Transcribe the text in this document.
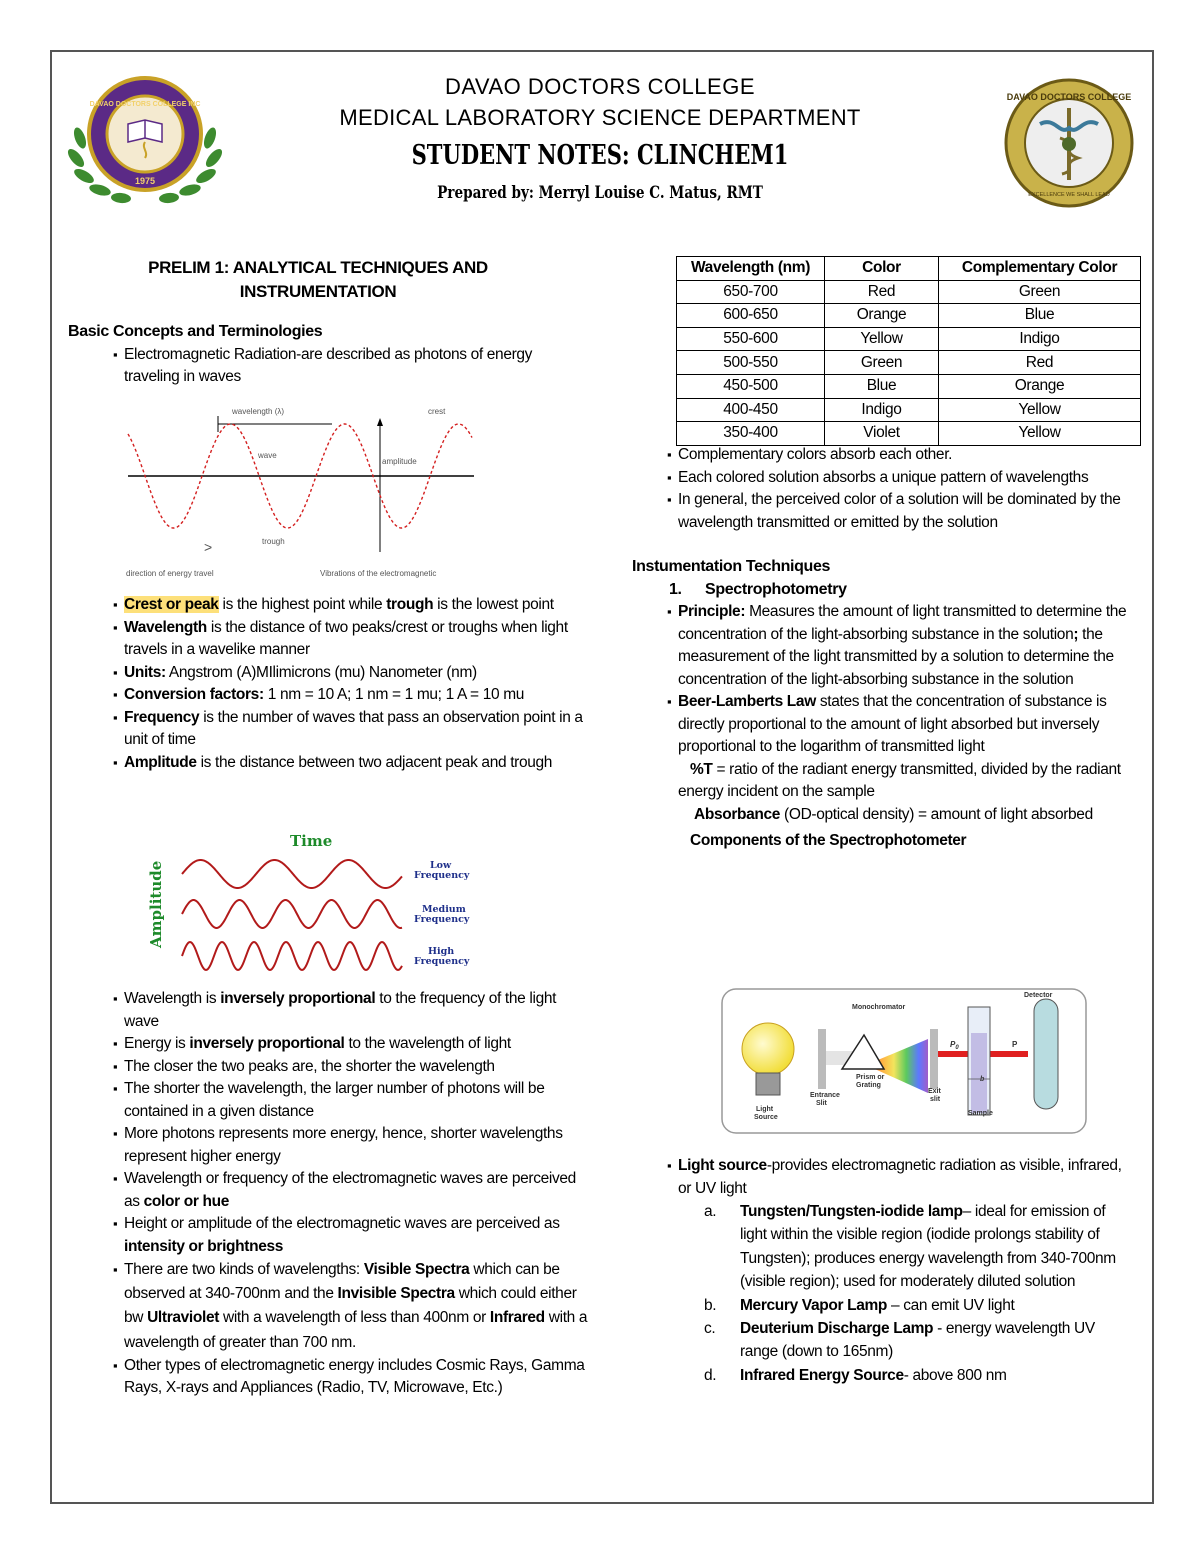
DAVAO DOCTORS COLLEGE INC
1975
DAVAO DOCTORS COLLEGE
EXCELLENCE WE SHALL LEAD
DAVAO DOCTORS COLLEGE
MEDICAL LABORATORY SCIENCE DEPARTMENT
STUDENT NOTES: CLINCHEM1
Prepared by: Merryl Louise C. Matus, RMT
PRELIM 1: ANALYTICAL TECHNIQUES AND INSTRUMENTATION
Basic Concepts and Terminologies
▪ Electromagnetic Radiation-are described as photons of energy traveling in waves
wavelength (λ)	crest
wave
amplitude
trough
direction of energy travel	Vibrations of the electromagnetic
>
▪ Crest or peak is the highest point while trough is the lowest point
▪ Wavelength is the distance of two peaks/crest or troughs when light travels in a wavelike manner
▪ Units: Angstrom (A)MIlimicrons (mu) Nanometer (nm)
▪ Conversion factors: 1 nm = 10 A; 1 nm = 1 mu; 1 A = 10 mu
▪ Frequency is the number of waves that pass an observation point in a unit of time
▪ Amplitude is the distance between two adjacent peak and trough
Time
Amplitude	Low
Frequency
Medium
Frequency
High
Frequency
▪ Wavelength is inversely proportional to the frequency of the light wave
▪ Energy is inversely proportional to the wavelength of light
▪ The closer the two peaks are, the shorter the wavelength
▪ The shorter the wavelength, the larger number of photons will be contained in a given distance
▪ More photons represents more energy, hence, shorter wavelengths represent higher energy
▪ Wavelength or frequency of the electromagnetic waves are perceived as color or hue
▪ Height or amplitude of the electromagnetic waves are perceived as intensity or brightness
▪ There are two kinds of wavelengths: Visible Spectra which can be observed at 340-700nm and the Invisible Spectra which could either bw Ultraviolet with a wavelength of less than 400nm or Infrared with a wavelength of greater than 700 nm.
▪ Other types of electromagnetic energy includes Cosmic Rays, Gamma Rays, X-rays and Appliances (Radio, TV, Microwave, Etc.)
Wavelength (nm)	Color	Complementary Color
650-700	Red	Green
600-650	Orange	Blue
550-600	Yellow	Indigo
500-550	Green	Red
450-500	Blue	Orange
400-450	Indigo	Yellow
350-400	Violet	Yellow
▪ Complementary colors absorb each other.
▪ Each colored solution absorbs a unique pattern of wavelengths
▪ In general, the perceived color of a solution will be dominated by the wavelength transmitted or emitted by the solution
Instumentation Techniques
1. Spectrophotometry
▪ Principle: Measures the amount of light transmitted to determine the concentration of the light-absorbing substance in the solution; the measurement of the light transmitted by a solution to determine the concentration of the light-absorbing substance in the solution
▪ Beer-Lamberts Law states that the concentration of substance is directly proportional to the amount of light absorbed but inversely proportional to the logarithm of transmitted light
%T = ratio of the radiant energy transmitted, divided by the radiant energy incident on the sample
Absorbance (OD-optical density) = amount of light absorbed
Components of the Spectrophotometer
Monochromator
Detector
Prism or
Grating
Entrance
Slit
Exit
slit
Sample
Light
Source
$P_0$	P
b
▪ Light source-provides electromagnetic radiation as visible, infrared, or UV light
a. Tungsten/Tungsten-iodide lamp– ideal for emission of light within the visible region (iodide prolongs stability of Tungsten); produces energy wavelength from 340-700nm (visible region); used for moderately diluted solution
b. Mercury Vapor Lamp – can emit UV light
c. Deuterium Discharge Lamp - energy wavelength UV range (down to 165nm)
d. Infrared Energy Source- above 800 nm
